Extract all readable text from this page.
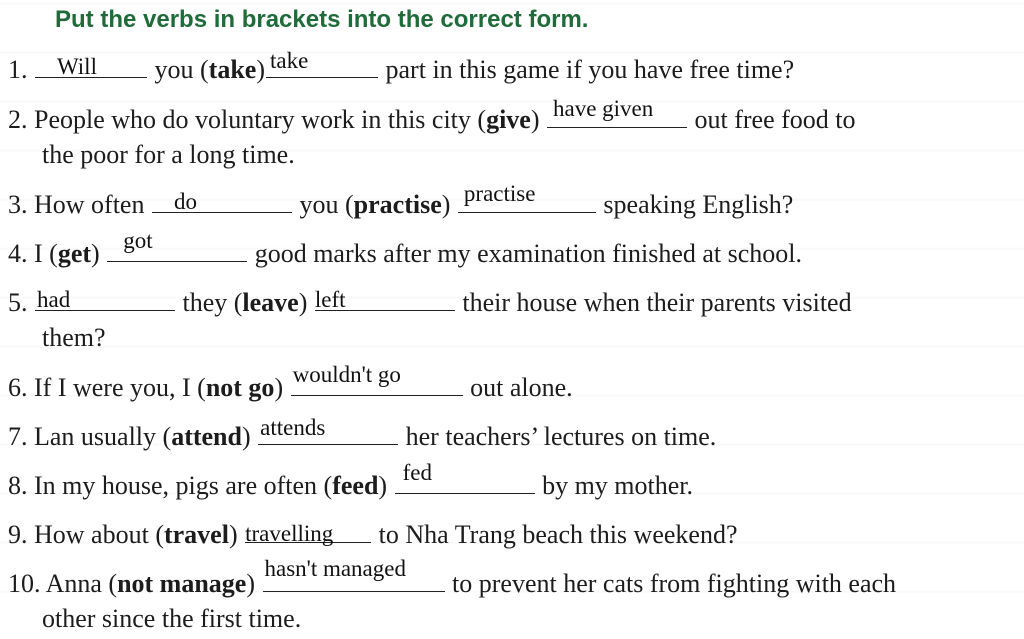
Put the verbs in brackets into the correct form.
1. Will	you (take) take	part in this game if you have free time?
2. People who do voluntary work in this city (give) have given	out free food to
the poor for a long time.
3. How often do	you (practise) practise	speaking English?
4. I (get) got	good marks after my examination finished at school.
5. had	they (leave) left	their house when their parents visited
them?
6. If I were you, I (not go) wouldn't go	out alone.
7. Lan usually (attend) attends	her teachers’ lectures on time.
8. In my house, pigs are often (feed) fed	by my mother.
9. How about (travel) travelling	to Nha Trang beach this weekend?
10. Anna (not manage)
hasn't managed
to prevent her cats from fighting with each
other since the first time.
